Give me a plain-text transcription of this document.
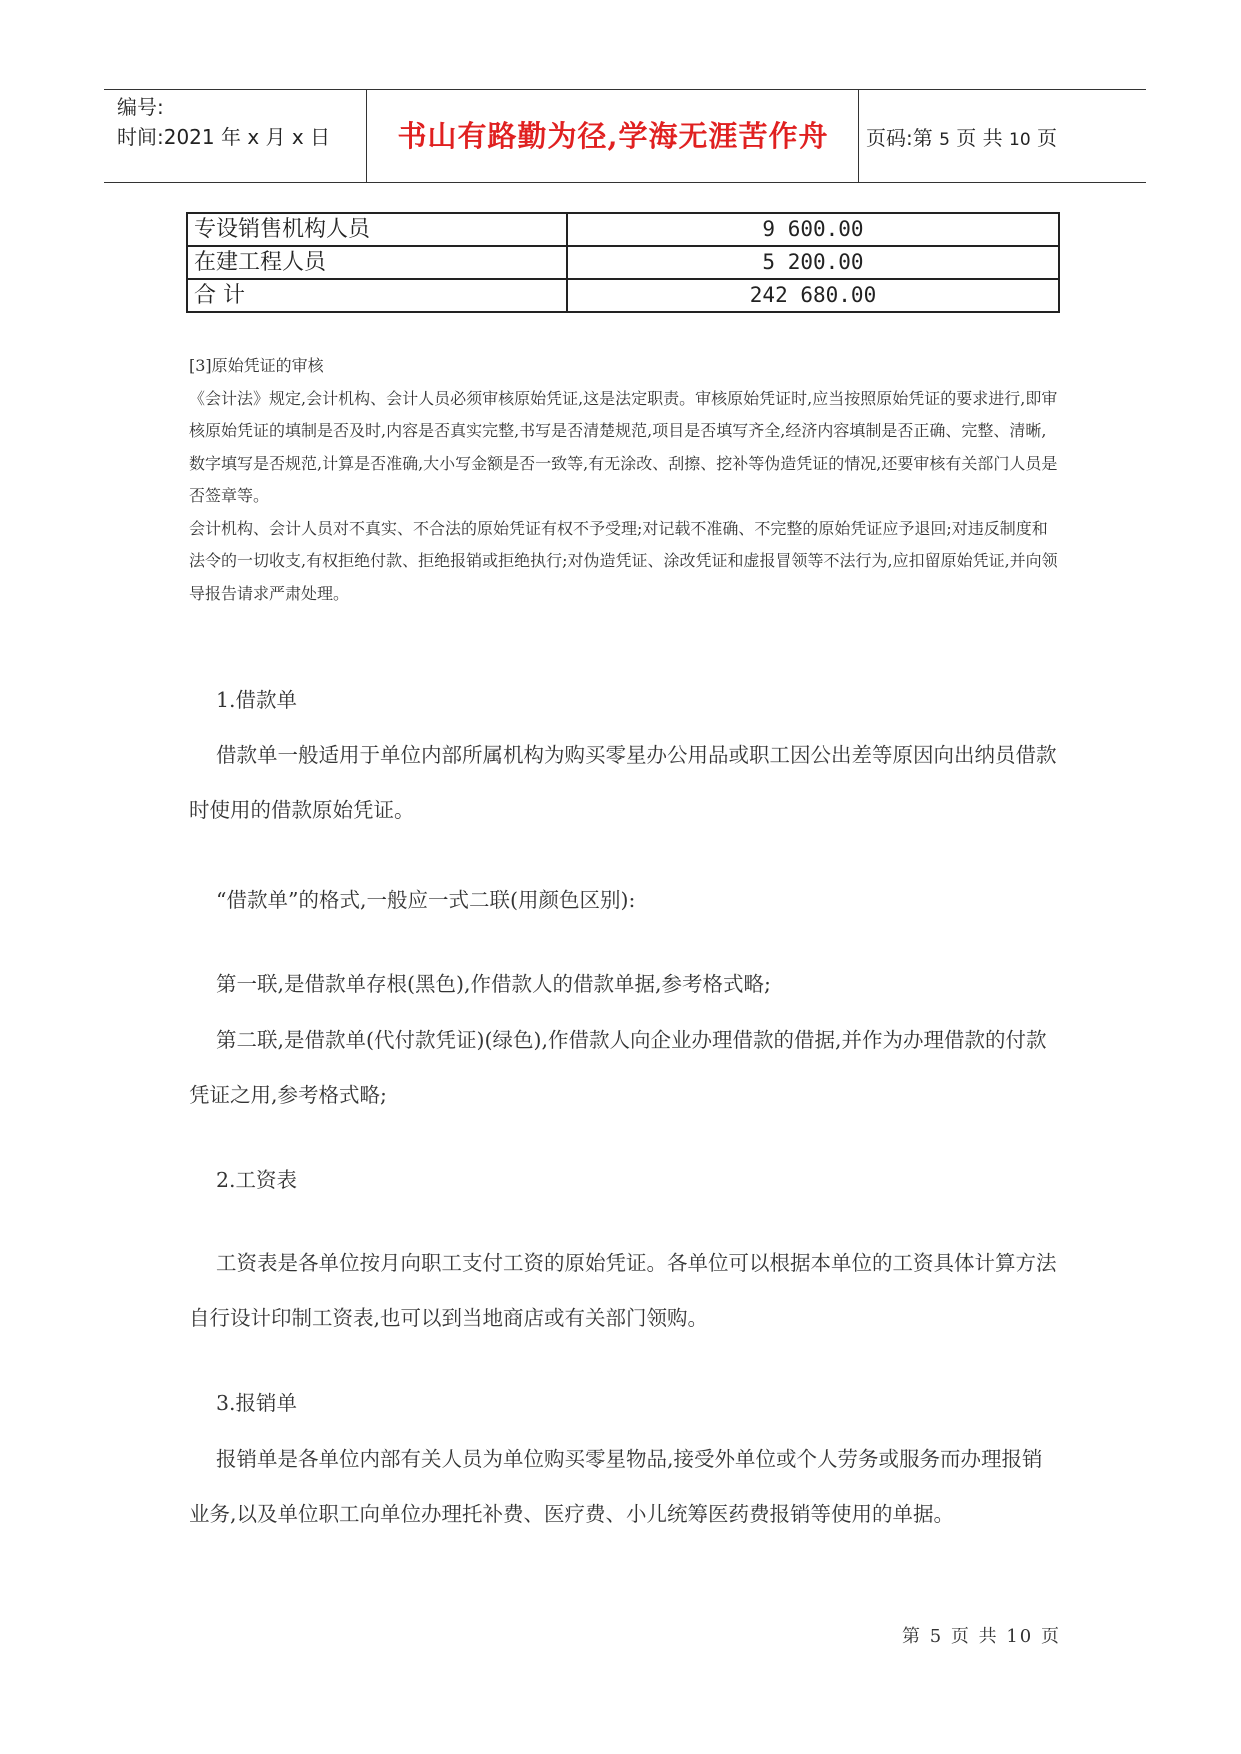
编号:
时间:2021 年 x 月 x 日	书山有路勤为径,学海无涯苦作舟	页码:第 5 页 共 10 页
专设销售机构人员	9 600.00
在建工程人员	5 200.00
合 计	242 680.00
[3]原始凭证的审核
《会计法》规定,会计机构、会计人员必须审核原始凭证,这是法定职责。审核原始凭证时,应当按照原始凭证的要求进行,即审核原始凭证的填制是否及时,内容是否真实完整,书写是否清楚规范,项目是否填写齐全,经济内容填制是否正确、完整、清晰,数字填写是否规范,计算是否准确,大小写金额是否一致等,有无涂改、刮擦、挖补等伪造凭证的情况,还要审核有关部门人员是否签章等。
会计机构、会计人员对不真实、不合法的原始凭证有权不予受理;对记载不准确、不完整的原始凭证应予退回;对违反制度和法令的一切收支,有权拒绝付款、拒绝报销或拒绝执行;对伪造凭证、涂改凭证和虚报冒领等不法行为,应扣留原始凭证,并向领导报告请求严肃处理。
1.借款单
借款单一般适用于单位内部所属机构为购买零星办公用品或职工因公出差等原因向出纳员借款时使用的借款原始凭证。
“借款单”的格式,一般应一式二联(用颜色区别):
第一联,是借款单存根(黑色),作借款人的借款单据,参考格式略;
第二联,是借款单(代付款凭证)(绿色),作借款人向企业办理借款的借据,并作为办理借款的付款凭证之用,参考格式略;
2.工资表
工资表是各单位按月向职工支付工资的原始凭证。各单位可以根据本单位的工资具体计算方法自行设计印制工资表,也可以到当地商店或有关部门领购。
3.报销单
报销单是各单位内部有关人员为单位购买零星物品,接受外单位或个人劳务或服务而办理报销业务,以及单位职工向单位办理托补费、医疗费、小儿统筹医药费报销等使用的单据。
第 5 页 共 10 页
